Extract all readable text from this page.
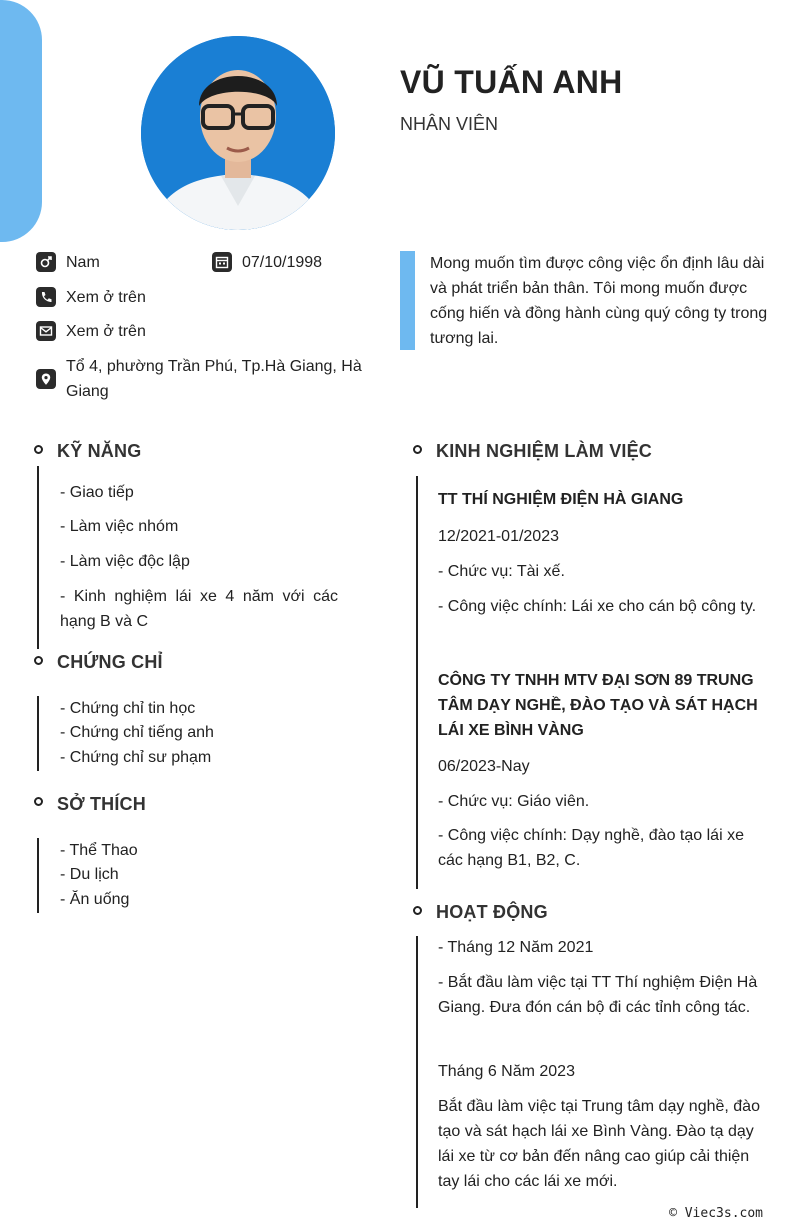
VŨ TUẤN ANH
NHÂN VIÊN
Nam	07/10/1998
Xem ở trên
Xem ở trên
Tổ 4, phường Trần Phú, Tp.Hà Giang, Hà Giang
Mong muốn tìm được công việc ổn định lâu dài và phát triển bản thân. Tôi mong muốn được cống hiến và đồng hành cùng quý công ty trong tương lai.
KỸ NĂNG
- Giao tiếp
- Làm việc nhóm
- Làm việc độc lập
- Kinh nghiệm lái xe 4 năm với các hạng B và C
CHỨNG CHỈ
- Chứng chỉ tin học
- Chứng chỉ tiếng anh
- Chứng chỉ sư phạm
SỞ THÍCH
- Thể Thao
- Du lịch
- Ăn uống
KINH NGHIỆM LÀM VIỆC
TT THÍ NGHIỆM ĐIỆN HÀ GIANG
12/2021-01/2023
- Chức vụ: Tài xế.
- Công việc chính: Lái xe cho cán bộ công ty.
CÔNG TY TNHH MTV ĐẠI SƠN 89 TRUNG TÂM DẠY NGHỀ, ĐÀO TẠO VÀ SÁT HẠCH LÁI XE BÌNH VÀNG
06/2023-Nay
- Chức vụ: Giáo viên.
- Công việc chính: Dạy nghề, đào tạo lái xe các hạng B1, B2, C.
HOẠT ĐỘNG
- Tháng 12 Năm 2021
- Bắt đầu làm việc tại TT Thí nghiệm Điện Hà Giang. Đưa đón cán bộ đi các tỉnh công tác.
Tháng 6 Năm 2023
Bắt đầu làm việc tại Trung tâm dạy nghề, đào tạo và sát hạch lái xe Bình Vàng. Đào tạ dạy lái xe từ cơ bản đến nâng cao giúp cải thiện tay lái cho các lái xe mới.
© Viec3s.com
